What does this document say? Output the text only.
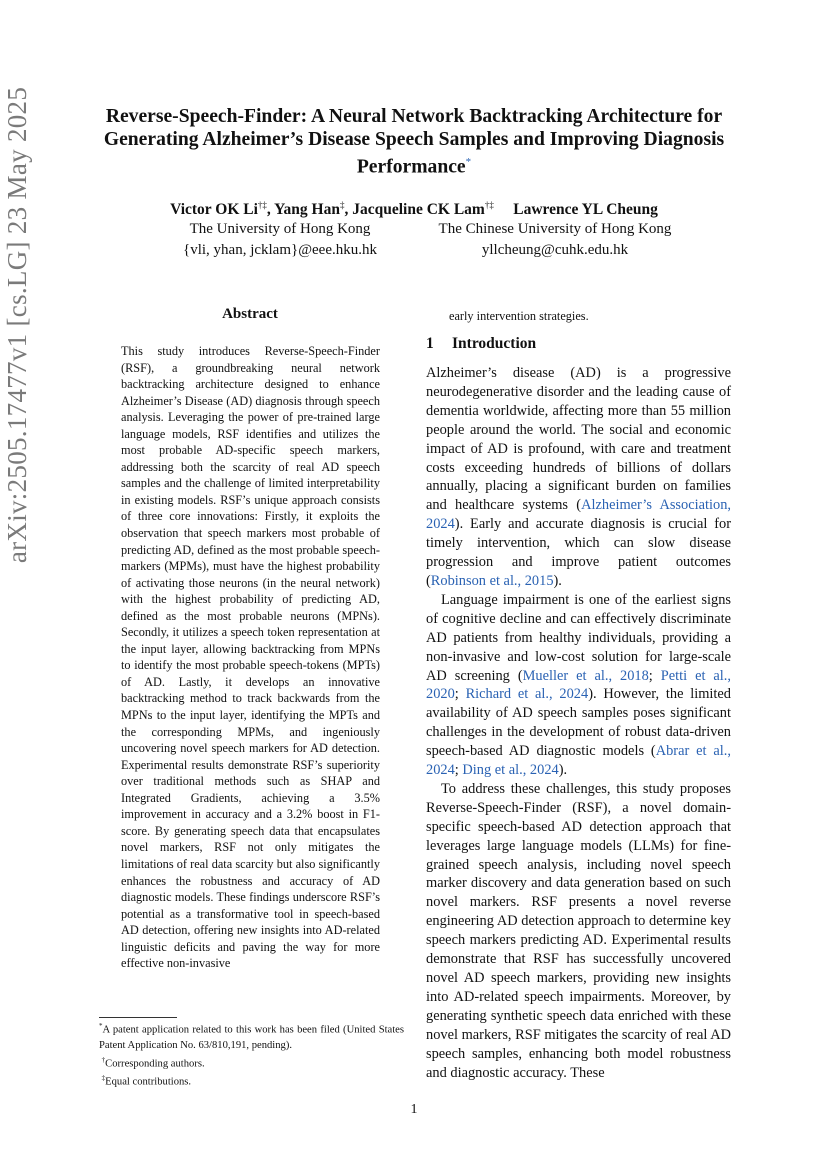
arXiv:2505.17477v1 [cs.LG] 23 May 2025	Reverse-Speech-Finder: A Neural Network Backtracking Architecture for
Generating Alzheimer’s Disease Speech Samples and Improving Diagnosis
Performance*
Victor OK Li†‡, Yang Han‡, Jacqueline CK Lam†‡ Lawrence YL Cheung
The University of Hong Kong
{vli, yhan, jcklam}@eee.hku.hk
The Chinese University of Hong Kong
yllcheung@cuhk.edu.hk
Abstract
This study introduces Reverse-Speech-Finder (RSF), a groundbreaking neural network backtracking architecture designed to enhance Alzheimer’s Disease (AD) diagnosis through speech analysis. Leveraging the power of pre-trained large language models, RSF identifies and utilizes the most probable AD-specific speech markers, addressing both the scarcity of real AD speech samples and the challenge of limited interpretability in existing models. RSF’s unique approach consists of three core innovations: Firstly, it exploits the observation that speech markers most probable of predicting AD, defined as the most probable speech-markers (MPMs), must have the highest probability of activating those neurons (in the neural network) with the highest probability of predicting AD, defined as the most probable neurons (MPNs). Secondly, it utilizes a speech token representation at the input layer, allowing backtracking from MPNs to identify the most probable speech-tokens (MPTs) of AD. Lastly, it develops an innovative backtracking method to track backwards from the MPNs to the input layer, identifying the MPTs and the corresponding MPMs, and ingeniously uncovering novel speech markers for AD detection. Experimental results demonstrate RSF’s superiority over traditional methods such as SHAP and Integrated Gradients, achieving a 3.5% improvement in accuracy and a 3.2% boost in F1-score. By generating speech data that encapsulates novel markers, RSF not only mitigates the limitations of real data scarcity but also significantly enhances the robustness and accuracy of AD diagnostic models. These findings underscore RSF’s potential as a transformative tool in speech-based AD detection, offering new insights into AD-related linguistic deficits and paving the way for more effective non-invasive

*A patent application related to this work has been filed (United States Patent Application No. 63/810,191, pending).

†Corresponding authors.

‡Equal contributions.

early intervention strategies.
1 Introduction

Alzheimer’s disease (AD) is a progressive neurodegenerative disorder and the leading cause of dementia worldwide, affecting more than 55 million people around the world. The social and economic impact of AD is profound, with care and treatment costs exceeding hundreds of billions of dollars annually, placing a significant burden on families and healthcare systems (Alzheimer’s Association, 2024). Early and accurate diagnosis is crucial for timely intervention, which can slow disease progression and improve patient outcomes (Robinson et al., 2015).

Language impairment is one of the earliest signs of cognitive decline and can effectively discriminate AD patients from healthy individuals, providing a non-invasive and low-cost solution for large-scale AD screening (Mueller et al., 2018; Petti et al., 2020; Richard et al., 2024). However, the limited availability of AD speech samples poses significant challenges in the development of robust data-driven speech-based AD diagnostic models (Abrar et al., 2024; Ding et al., 2024).

To address these challenges, this study proposes Reverse-Speech-Finder (RSF), a novel domain-specific speech-based AD detection approach that leverages large language models (LLMs) for fine-grained speech analysis, including novel speech marker discovery and data generation based on such novel markers. RSF presents a novel reverse engineering AD detection approach to determine key speech markers predicting AD. Experimental results demonstrate that RSF has successfully uncovered novel AD speech markers, providing new insights into AD-related speech impairments. Moreover, by generating synthetic speech data enriched with these novel markers, RSF mitigates the scarcity of real AD speech samples, enhancing both model robustness and diagnostic accuracy. These

1
